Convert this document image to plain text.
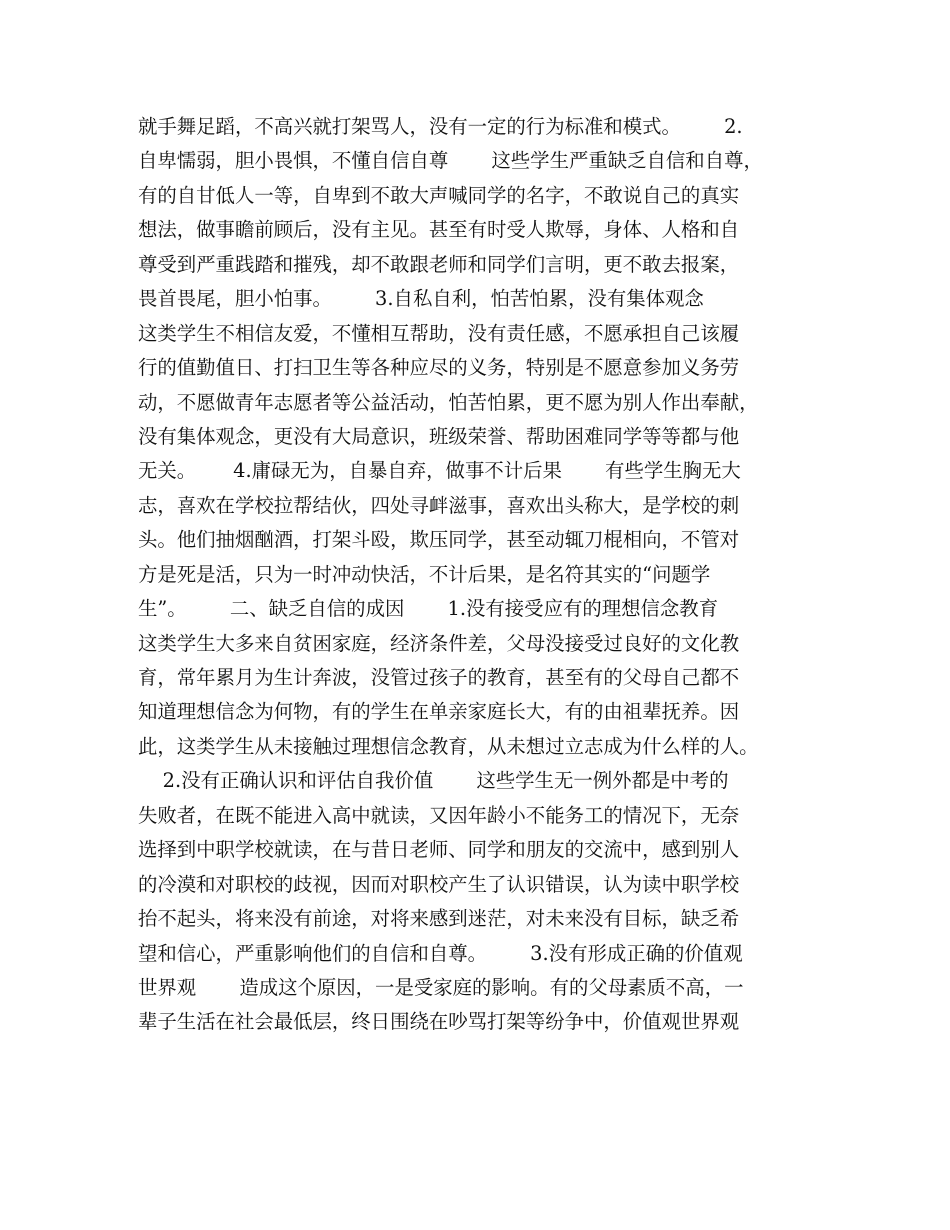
就手舞足蹈，不高兴就打架骂人，没有一定的行为标准和模式。       2.
自卑懦弱，胆小畏惧，不懂自信自尊       这些学生严重缺乏自信和自尊，
有的自甘低人一等，自卑到不敢大声喊同学的名字，不敢说自己的真实
想法，做事瞻前顾后，没有主见。甚至有时受人欺辱，身体、人格和自
尊受到严重践踏和摧残，却不敢跟老师和同学们言明，更不敢去报案，
畏首畏尾，胆小怕事。       3.自私自利，怕苦怕累，没有集体观念
这类学生不相信友爱，不懂相互帮助，没有责任感，不愿承担自己该履
行的值勤值日、打扫卫生等各种应尽的义务，特别是不愿意参加义务劳
动，不愿做青年志愿者等公益活动，怕苦怕累，更不愿为别人作出奉献，
没有集体观念，更没有大局意识，班级荣誉、帮助困难同学等等都与他
无关。      4.庸碌无为，自暴自弃，做事不计后果       有些学生胸无大
志，喜欢在学校拉帮结伙，四处寻衅滋事，喜欢出头称大，是学校的刺
头。他们抽烟酗酒，打架斗殴，欺压同学，甚至动辄刀棍相向，不管对
方是死是活，只为一时冲动快活，不计后果，是名符其实的“问题学
生”。       二、缺乏自信的成因       1.没有接受应有的理想信念教育
这类学生大多来自贫困家庭，经济条件差，父母没接受过良好的文化教
育，常年累月为生计奔波，没管过孩子的教育，甚至有的父母自己都不
知道理想信念为何物，有的学生在单亲家庭长大，有的由祖辈抚养。因
此，这类学生从未接触过理想信念教育，从未想过立志成为什么样的人。
2.没有正确认识和评估自我价值       这些学生无一例外都是中考的
失败者，在既不能进入高中就读，又因年龄小不能务工的情况下，无奈
选择到中职学校就读，在与昔日老师、同学和朋友的交流中，感到别人
的冷漠和对职校的歧视，因而对职校产生了认识错误，认为读中职学校
抬不起头，将来没有前途，对将来感到迷茫，对未来没有目标，缺乏希
望和信心，严重影响他们的自信和自尊。       3.没有形成正确的价值观
世界观       造成这个原因，一是受家庭的影响。有的父母素质不高，一
辈子生活在社会最低层，终日围绕在吵骂打架等纷争中，价值观世界观
